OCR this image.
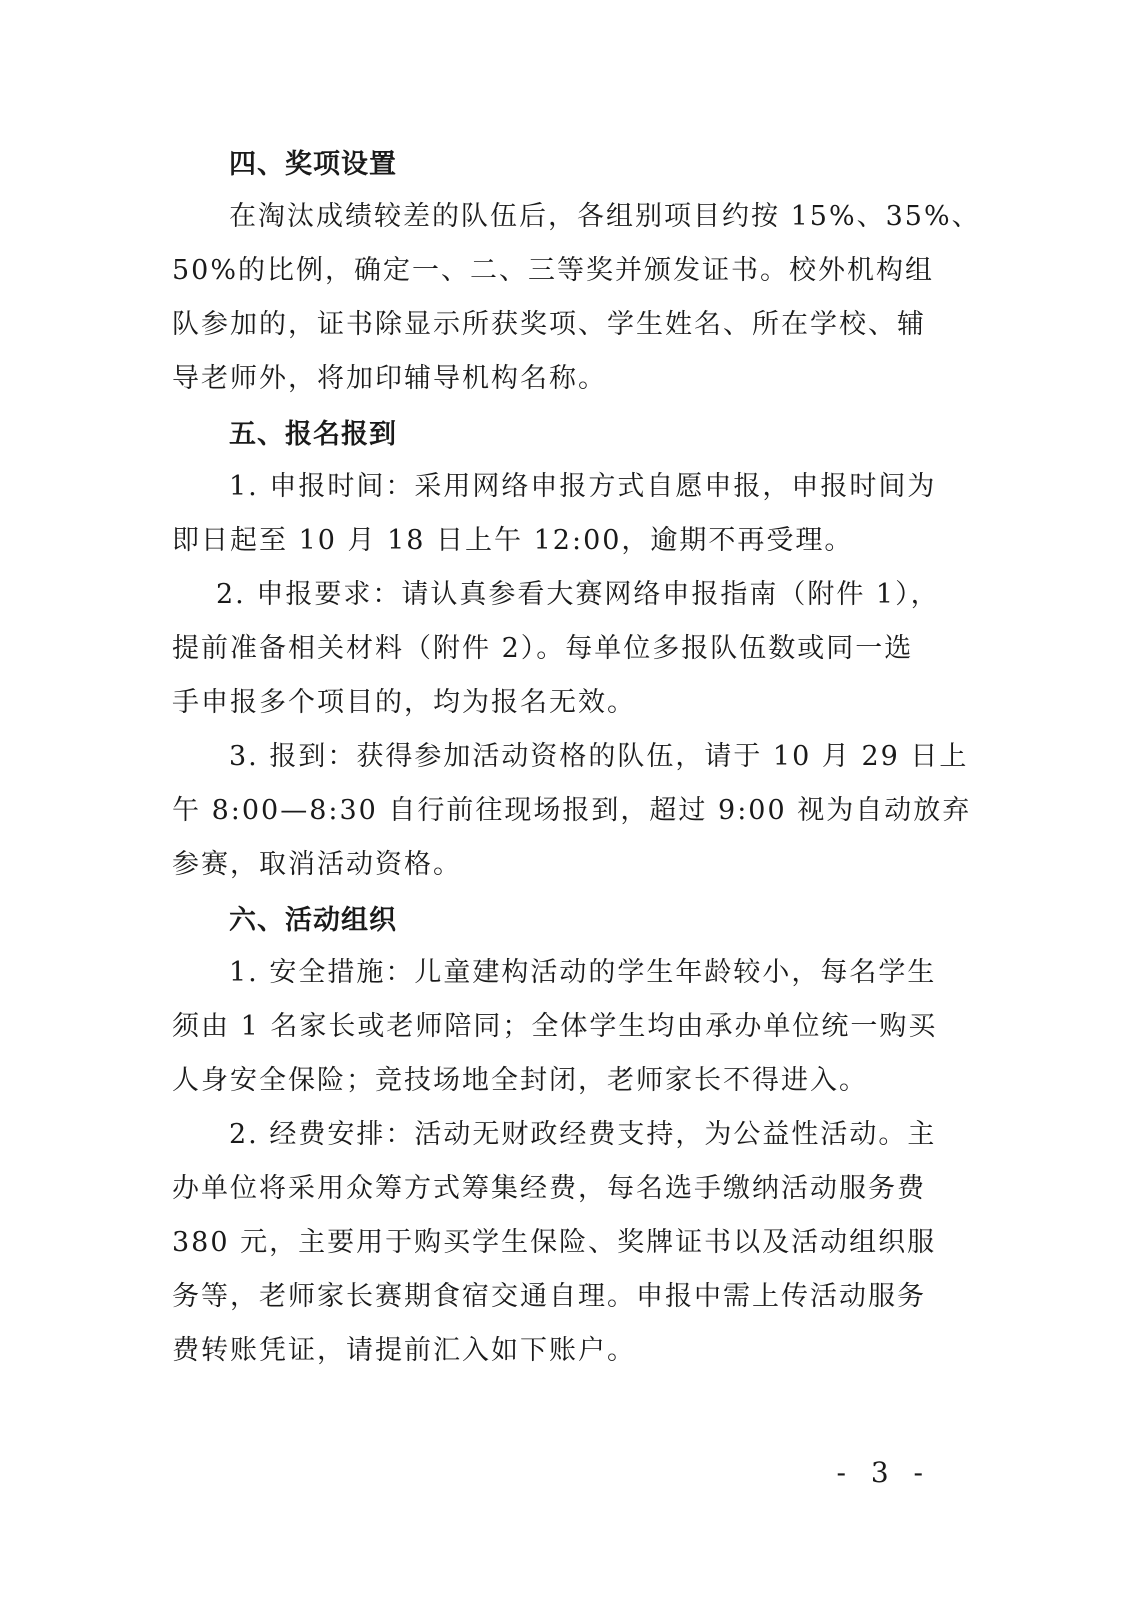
四、奖项设置
在淘汰成绩较差的队伍后，各组别项目约按 15%、35%、
50%的比例，确定一、二、三等奖并颁发证书。校外机构组
队参加的，证书除显示所获奖项、学生姓名、所在学校、辅
导老师外，将加印辅导机构名称。
五、报名报到
1. 申报时间：采用网络申报方式自愿申报，申报时间为
即日起至 10 月 18 日上午 12:00，逾期不再受理。
2. 申报要求：请认真参看大赛网络申报指南（附件 1），
提前准备相关材料（附件 2）。每单位多报队伍数或同一选
手申报多个项目的，均为报名无效。
3. 报到：获得参加活动资格的队伍，请于 10 月 29 日上
午 8:00—8:30 自行前往现场报到，超过 9:00 视为自动放弃
参赛，取消活动资格。
六、活动组织
1. 安全措施：儿童建构活动的学生年龄较小，每名学生
须由 1 名家长或老师陪同；全体学生均由承办单位统一购买
人身安全保险；竞技场地全封闭，老师家长不得进入。
2. 经费安排：活动无财政经费支持，为公益性活动。主
办单位将采用众筹方式筹集经费，每名选手缴纳活动服务费
380 元，主要用于购买学生保险、奖牌证书以及活动组织服
务等，老师家长赛期食宿交通自理。申报中需上传活动服务
费转账凭证，请提前汇入如下账户。
- 3 -
